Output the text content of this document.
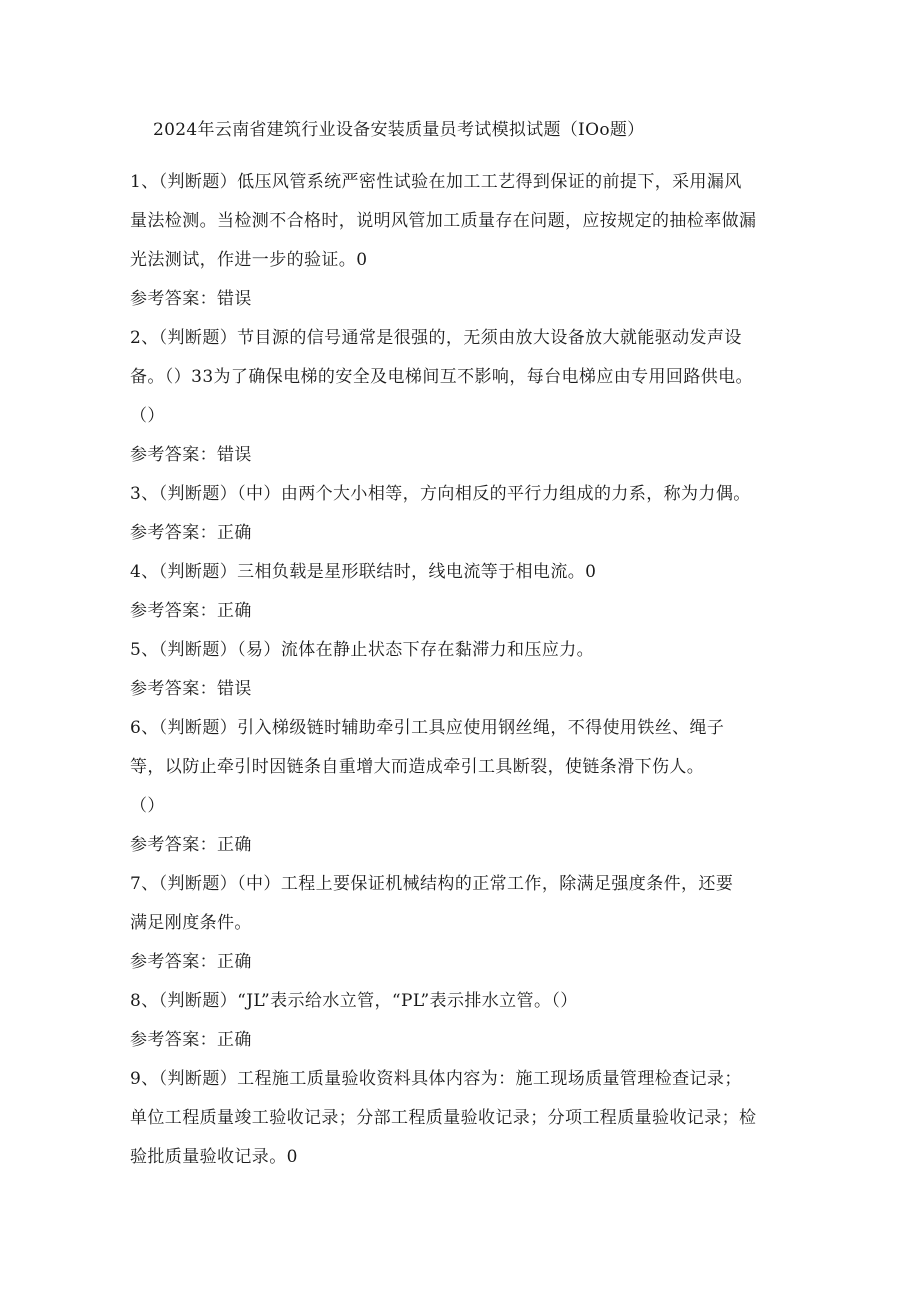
2024年云南省建筑行业设备安装质量员考试模拟试题（IOo题）
1、（判断题）低压风管系统严密性试验在加工工艺得到保证的前提下，采用漏风
量法检测。当检测不合格时，说明风管加工质量存在问题，应按规定的抽检率做漏
光法测试，作进一步的验证。0
参考答案：错误
2、（判断题）节目源的信号通常是很强的，无须由放大设备放大就能驱动发声设
备。（）33为了确保电梯的安全及电梯间互不影响，每台电梯应由专用回路供电。
（）
参考答案：错误
3、（判断题）（中）由两个大小相等，方向相反的平行力组成的力系，称为力偶。
参考答案：正确
4、（判断题）三相负载是星形联结时，线电流等于相电流。0
参考答案：正确
5、（判断题）（易）流体在静止状态下存在黏滞力和压应力。
参考答案：错误
6、（判断题）引入梯级链时辅助牵引工具应使用钢丝绳，不得使用铁丝、绳子
等，以防止牵引时因链条自重增大而造成牵引工具断裂，使链条滑下伤人。
（）
参考答案：正确
7、（判断题）（中）工程上要保证机械结构的正常工作，除满足强度条件，还要
满足刚度条件。
参考答案：正确
8、（判断题）“JL”表示给水立管，“PL”表示排水立管。（）
参考答案：正确
9、（判断题）工程施工质量验收资料具体内容为：施工现场质量管理检查记录；
单位工程质量竣工验收记录；分部工程质量验收记录；分项工程质量验收记录；检
验批质量验收记录。0
